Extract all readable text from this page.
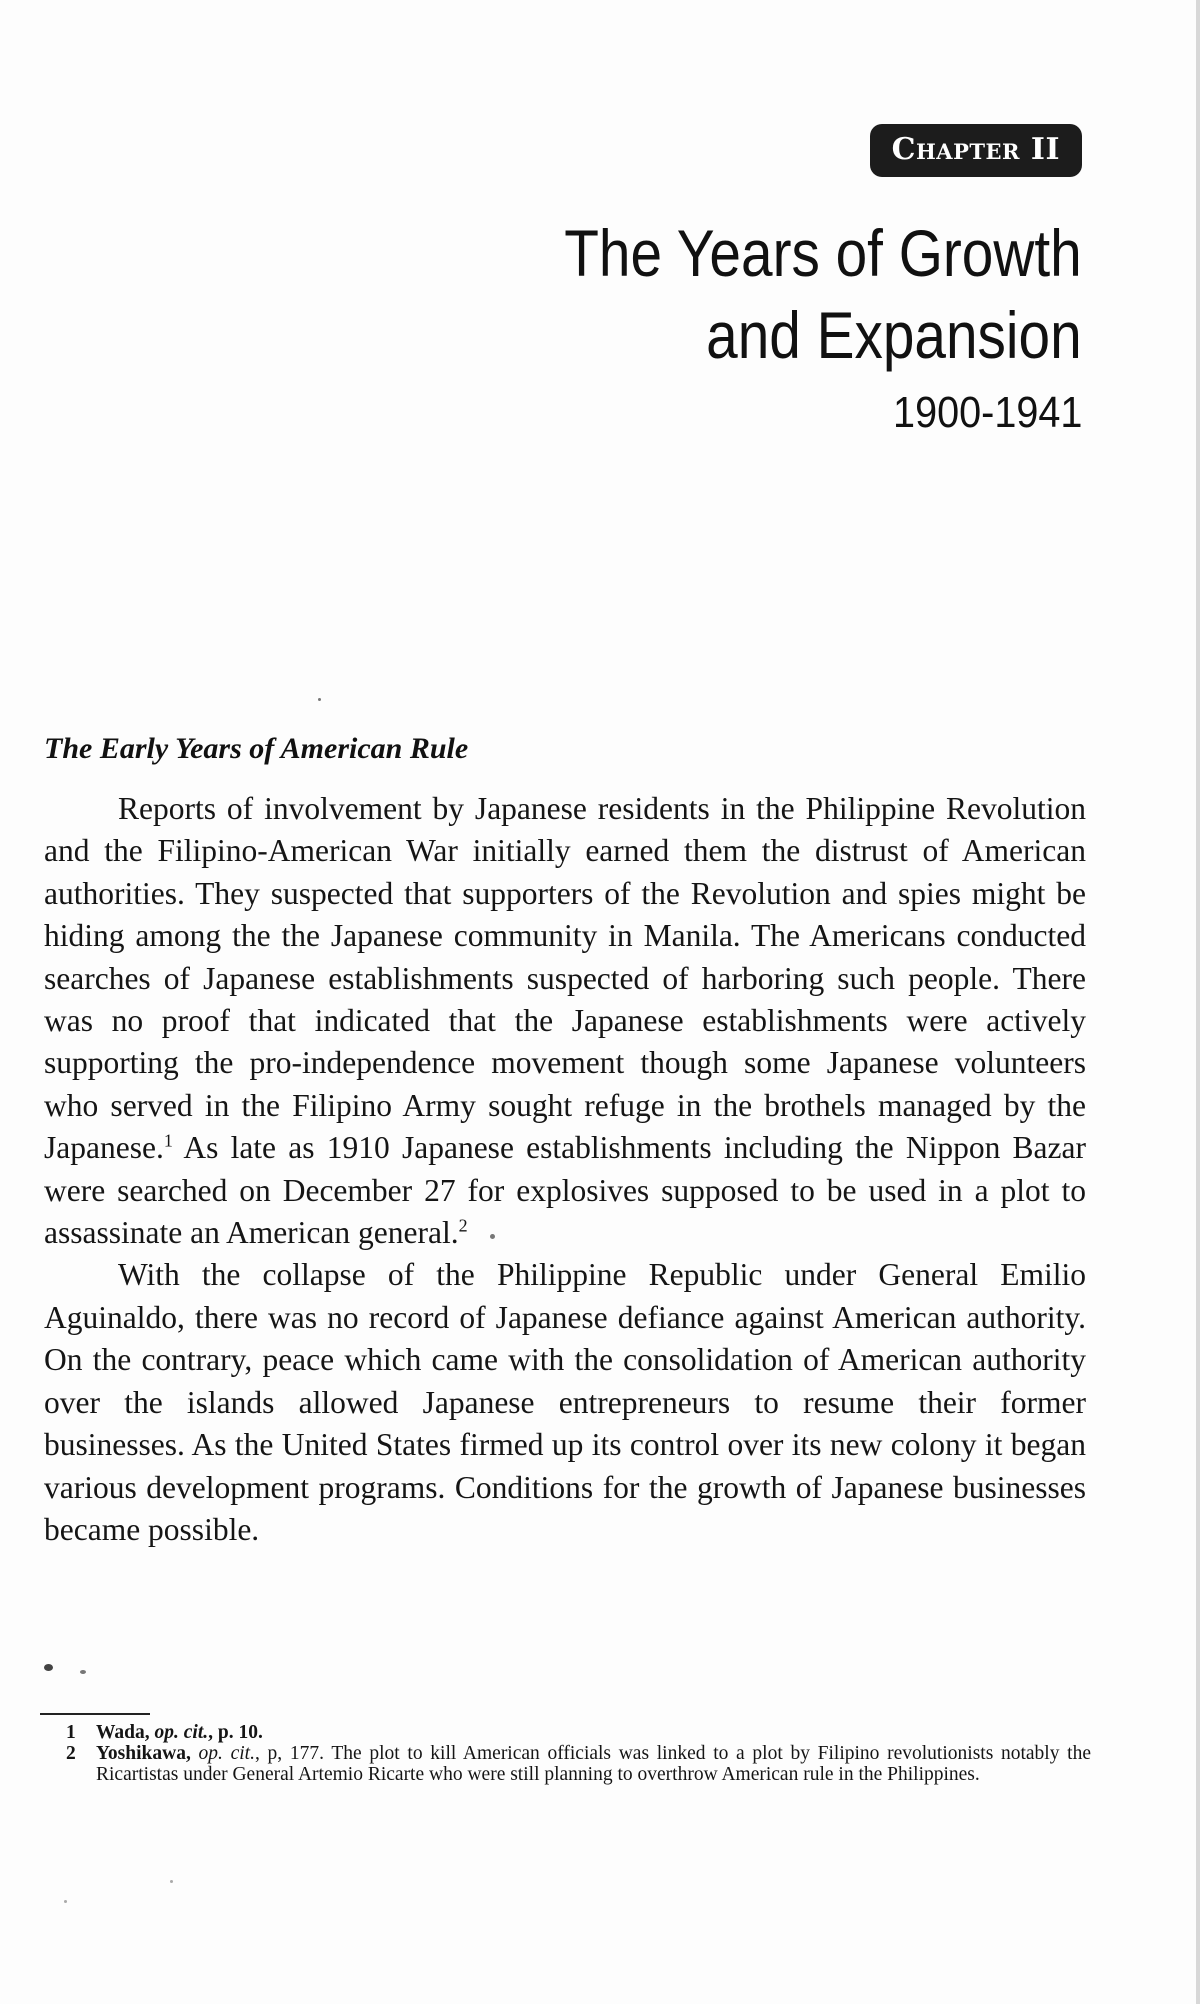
Chapter II
The Years of Growth
and Expansion
1900-1941
The Early Years of American Rule

Reports of involvement by Japanese residents in the Philippine Revolution and the Filipino-American War initially earned them the distrust of American authorities. They suspected that supporters of the Revolution and spies might be hiding among the the Japanese community in Manila. The Americans conducted searches of Japanese establishments suspected of harboring such people. There was no proof that indicated that the Japanese establishments were actively supporting the pro-independence movement though some Japanese volunteers who served in the Filipino Army sought refuge in the brothels managed by the Japanese.$^1$ As late as 1910 Japanese establishments including the Nippon Bazar were searched on December 27 for explosives supposed to be used in a plot to assassinate an American general.$^2$

With the collapse of the Philippine Republic under General Emilio Aguinaldo, there was no record of Japanese defiance against American authority. On the contrary, peace which came with the consolidation of American authority over the islands allowed Japanese entrepreneurs to resume their former businesses. As the United States firmed up its control over its new colony it began various development programs. Conditions for the growth of Japanese businesses became possible.

1	Wada, op. cit., p. 10.
2	Yoshikawa, op. cit., p, 177. The plot to kill American officials was linked to a plot by Filipino revolutionists notably the Ricartistas under General Artemio Ricarte who were still planning to overthrow American rule in the Philippines.
